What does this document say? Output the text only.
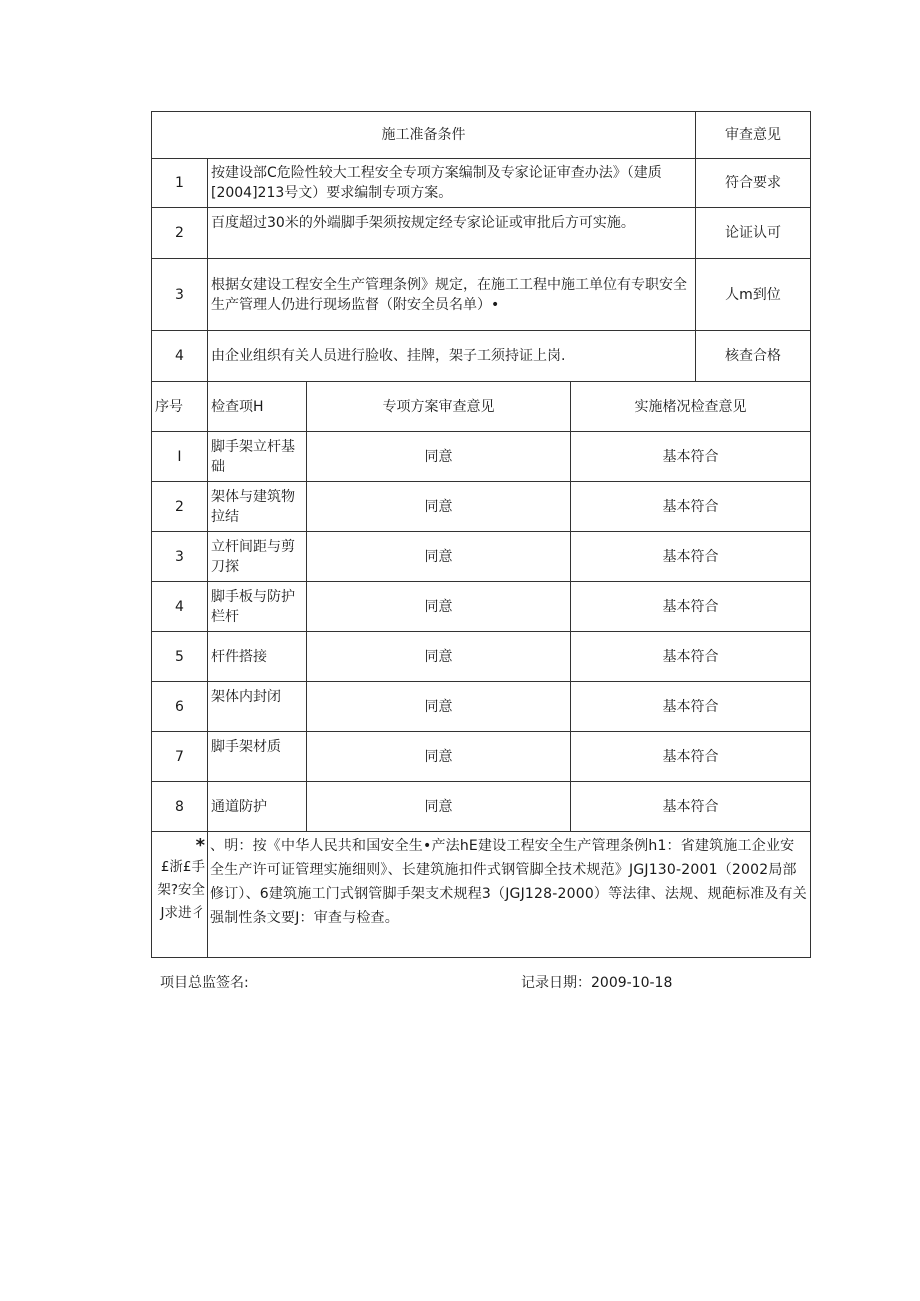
施工准备条件				审查意见
1	按建设部C危险性较大工程安全专项方案编制及专家论证审查办法》（建质[2004]213号文）要求编制专项方案。			符合要求
2	百度超过30米的外端脚手架须按规定经专家论证或审批后方可实施。			论证认可
3	根据女建设工程安全生产管理条例》规定，在施工工程中施工单位有专职安全生产管理人仍进行现场监督（附安全员名单）•			人m到位
4	由企业组织有关人员进行脸收、挂牌，架子工须持证上岗.			核查合格
序号	检查项H	专项方案审查意见	实施楮况检查意见	
I	脚手架立杆基础	同意	基本符合	
2	架体与建筑物拉结	同意	基本符合	
3	立杆间距与剪刀探	同意	基本符合	
4	脚手板与防护栏杆	同意	基本符合	
5	杆件搭接	同意	基本符合	
6	架体内封闭	同意	基本符合	
7	脚手架材质	同意	基本符合	
8	通道防护	同意	基本符合	

*
£浙£手
架?安全
J求进彳	、明：按《中华人民共和国安全生•产法hE建设工程安全生产管理条例h1：省建筑施工企业安全生产许可证管理实施细则》、长建筑施扣件式钢管脚全技术规范》JGJ130-2001（2002局部修订）、6建筑施工门式钢管脚手架支术规程3（JGJ128-2000）等法律、法规、规葩标准及有关强制性条文要J：审查与检查。			
项目总监签名:	记录日期：2009-10-18
